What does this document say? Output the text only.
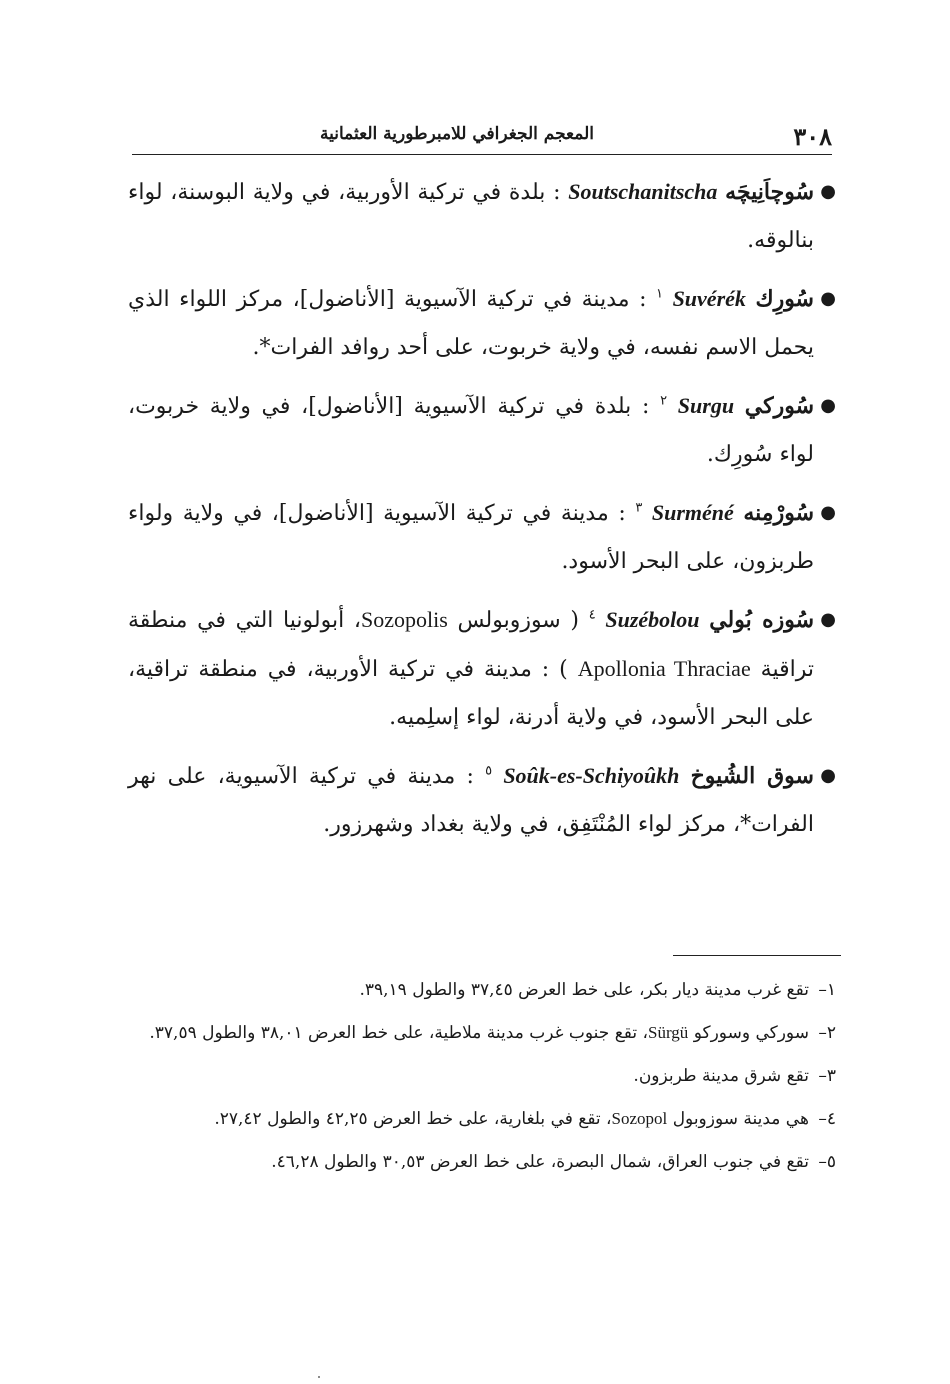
٣٠٨
المعجم الجغرافي للامبرطورية العثمانية

●
سُوچاَنِيچَه Soutschanitscha : بلدة في تركية الأوربية، في ولاية البوسنة، لواء بنالوقه.

●
سُورِك Suvérék $^١$ : مدينة في تركية الآسيوية [الأناضول]، مركز اللواء الذي يحمل الاسم نفسه، في ولاية خربوت، على أحد روافد الفرات*.

●
سُوركي Surgu $^٢$ : بلدة في تركية الآسيوية [الأناضول]، في ولاية خربوت، لواء سُورِك.

●
سُورْمِنه Surméné $^٣$ : مدينة في تركية الآسيوية [الأناضول]، في ولاية ولواء طربزون، على البحر الأسود.

●
سُوزه بُولي Suzébolou $^٤$ ( سوزوبولس Sozopolis، أبولونيا التي في منطقة تراقية Apollonia Thraciae ) : مدينة في تركية الأوربية، في منطقة تراقية، على البحر الأسود، في ولاية أدرنة، لواء إسلِميه.

●
سوق الشُيوخ Soûk-es-Schiyoûkh $^٥$ : مدينة في تركية الآسيوية، على نهر الفرات*، مركز لواء المُنْتَفِق، في ولاية بغداد وشهرزور.

١– تقع غرب مدينة ديار بكر، على خط العرض ٣٧,٤٥ والطول ٣٩,١٩.

٢– سوركي وسوركو Sürgü، تقع جنوب غرب مدينة ملاطية، على خط العرض ٣٨,٠١ والطول ٣٧,٥٩.

٣– تقع شرق مدينة طربزون.

٤– هي مدينة سوزوبول Sozopol، تقع في بلغارية، على خط العرض ٤٢,٢٥ والطول ٢٧,٤٢.

٥– تقع في جنوب العراق، شمال البصرة، على خط العرض ٣٠,٥٣ والطول ٤٦,٢٨.
